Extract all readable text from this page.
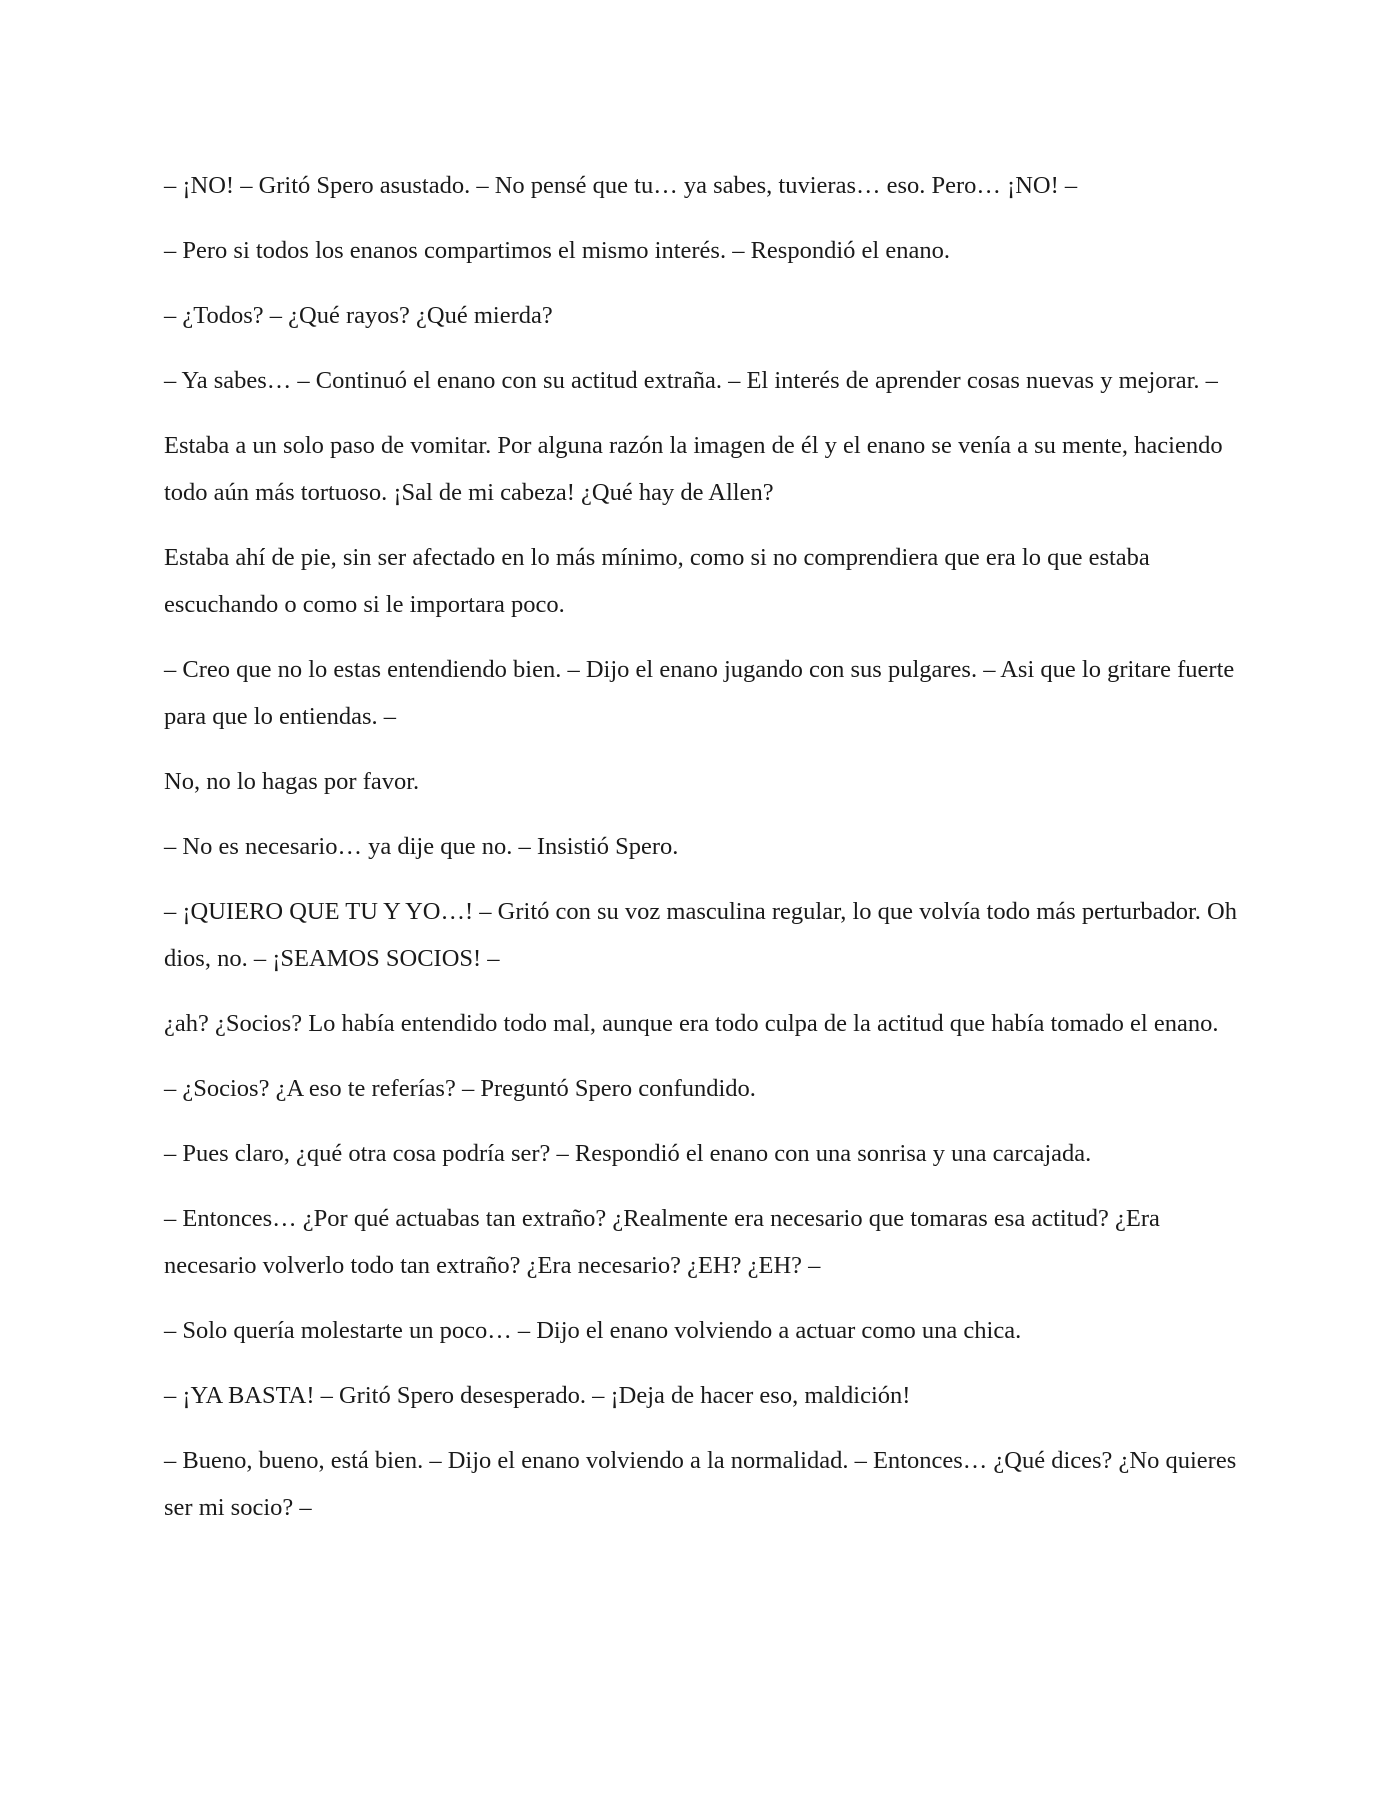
– ¡NO! – Gritó Spero asustado. – No pensé que tu… ya sabes, tuvieras… eso. Pero… ¡NO! –

– Pero si todos los enanos compartimos el mismo interés. – Respondió el enano.

– ¿Todos? – ¿Qué rayos? ¿Qué mierda?

– Ya sabes… – Continuó el enano con su actitud extraña. – El interés de aprender cosas nuevas y mejorar. –

Estaba a un solo paso de vomitar. Por alguna razón la imagen de él y el enano se venía a su mente, haciendo todo aún más tortuoso. ¡Sal de mi cabeza! ¿Qué hay de Allen?

Estaba ahí de pie, sin ser afectado en lo más mínimo, como si no comprendiera que era lo que estaba escuchando o como si le importara poco.

– Creo que no lo estas entendiendo bien. – Dijo el enano jugando con sus pulgares. – Asi que lo gritare fuerte para que lo entiendas. –

No, no lo hagas por favor.

– No es necesario… ya dije que no. – Insistió Spero.

– ¡QUIERO QUE TU Y YO…! – Gritó con su voz masculina regular, lo que volvía todo más perturbador. Oh dios, no. – ¡SEAMOS SOCIOS! –

¿ah? ¿Socios? Lo había entendido todo mal, aunque era todo culpa de la actitud que había tomado el enano.

– ¿Socios? ¿A eso te referías? – Preguntó Spero confundido.

– Pues claro, ¿qué otra cosa podría ser? – Respondió el enano con una sonrisa y una carcajada.

– Entonces… ¿Por qué actuabas tan extraño? ¿Realmente era necesario que tomaras esa actitud? ¿Era necesario volverlo todo tan extraño? ¿Era necesario? ¿EH? ¿EH? –

– Solo quería molestarte un poco… – Dijo el enano volviendo a actuar como una chica.

– ¡YA BASTA! – Gritó Spero desesperado. – ¡Deja de hacer eso, maldición!

– Bueno, bueno, está bien. – Dijo el enano volviendo a la normalidad. – Entonces… ¿Qué dices? ¿No quieres ser mi socio? –
